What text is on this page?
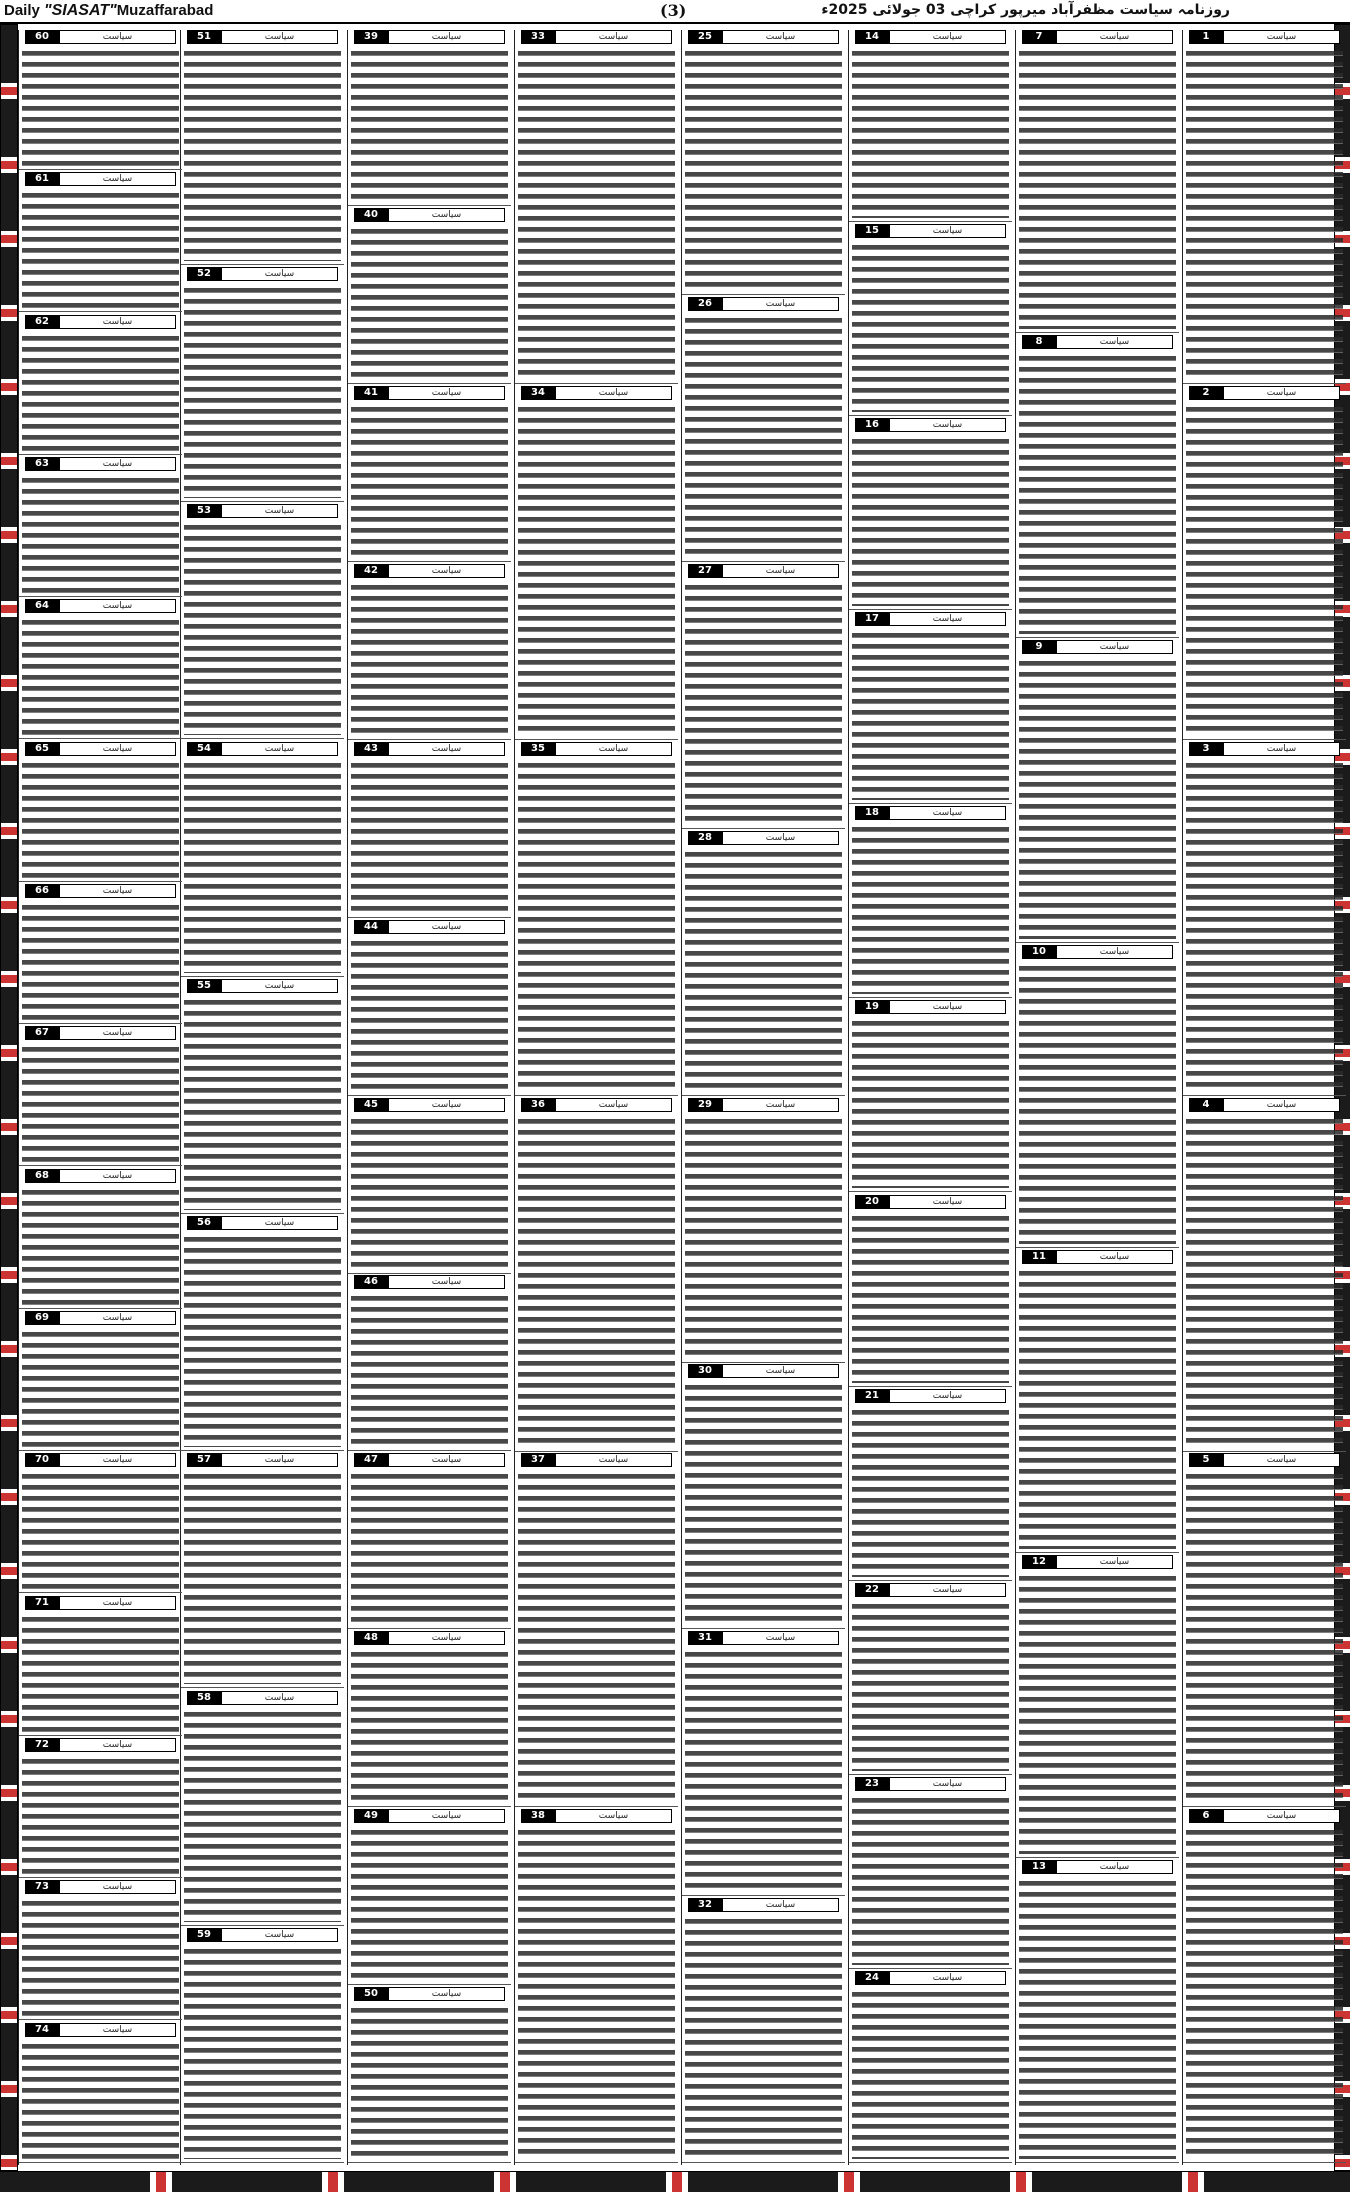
Daily "SIASAT"Muzaffarabad	(3)	روزنامہ سیاست مظفرآباد میرپور کراچی 03 جولائی 2025ء
1	سیاست
2	سیاست
3	سیاست
4	سیاست
5	سیاست
6	سیاست
7	سیاست
8	سیاست
9	سیاست
10	سیاست
11	سیاست
12	سیاست
13	سیاست
14	سیاست
15	سیاست
16	سیاست
17	سیاست
18	سیاست
19	سیاست
20	سیاست
21	سیاست
22	سیاست
23	سیاست
24	سیاست
25	سیاست
26	سیاست
27	سیاست
28	سیاست
29	سیاست
30	سیاست
31	سیاست
32	سیاست
33	سیاست
34	سیاست
35	سیاست
36	سیاست
37	سیاست
38	سیاست
39	سیاست
40	سیاست
41	سیاست
42	سیاست
43	سیاست
44	سیاست
45	سیاست
46	سیاست
47	سیاست
48	سیاست
49	سیاست
50	سیاست
51	سیاست
52	سیاست
53	سیاست
54	سیاست
55	سیاست
56	سیاست
57	سیاست
58	سیاست
59	سیاست
60	سیاست
61	سیاست
62	سیاست
63	سیاست
64	سیاست
65	سیاست
66	سیاست
67	سیاست
68	سیاست
69	سیاست
70	سیاست
71	سیاست
72	سیاست
73	سیاست
74	سیاست
